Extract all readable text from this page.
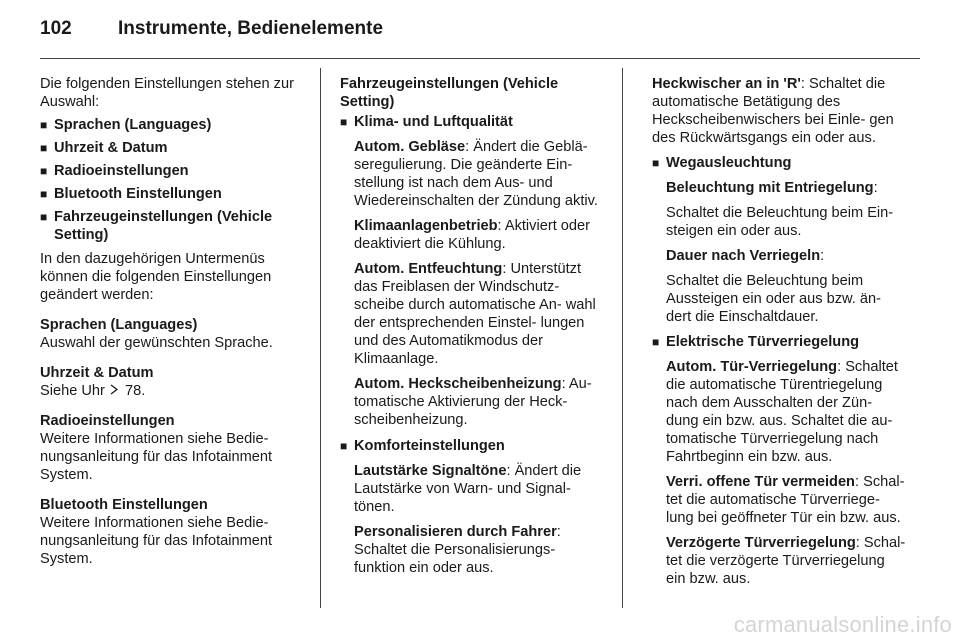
102	Instrumente, Bedienelemente

Die folgenden Einstellungen stehen zur Auswahl:

■ Sprachen (Languages)
■ Uhrzeit & Datum
■ Radioeinstellungen
■ Bluetooth Einstellungen
■ Fahrzeugeinstellungen (Vehicle Setting)

In den dazugehörigen Untermenüs können die folgenden Einstellungen geändert werden:

Sprachen (Languages)

Auswahl der gewünschten Sprache.

Uhrzeit & Datum

Siehe Uhr 78.

Radioeinstellungen

Weitere Informationen siehe Bedie- nungsanleitung für das Infotainment System.

Bluetooth Einstellungen

Weitere Informationen siehe Bedie- nungsanleitung für das Infotainment System.

Fahrzeugeinstellungen (Vehicle Setting)

■ Klima- und Luftqualität

Autom. Gebläse: Ändert die Geblä- seregulierung. Die geänderte Ein- stellung ist nach dem Aus- und Wiedereinschalten der Zündung aktiv.

Klimaanlagenbetrieb: Aktiviert oder deaktiviert die Kühlung.

Autom. Entfeuchtung: Unterstützt das Freiblasen der Windschutz- scheibe durch automatische An- wahl der entsprechenden Einstel- lungen und des Automatikmodus der Klimaanlage.

Autom. Heckscheibenheizung: Au- tomatische Aktivierung der Heck- scheibenheizung.

■ Komforteinstellungen

Lautstärke Signaltöne: Ändert die Lautstärke von Warn- und Signal- tönen.

Personalisieren durch Fahrer: Schaltet die Personalisierungs- funktion ein oder aus.

Heckwischer an in 'R': Schaltet die automatische Betätigung des Heckscheibenwischers bei Einle- gen des Rückwärtsgangs ein oder aus.

■ Wegausleuchtung

Beleuchtung mit Entriegelung:

Schaltet die Beleuchtung beim Ein- steigen ein oder aus.

Dauer nach Verriegeln:

Schaltet die Beleuchtung beim Aussteigen ein oder aus bzw. än- dert die Einschaltdauer.

■ Elektrische Türverriegelung

Autom. Tür-Verriegelung: Schaltet die automatische Türentriegelung nach dem Ausschalten der Zün- dung ein bzw. aus. Schaltet die au- tomatische Türverriegelung nach Fahrtbeginn ein bzw. aus.

Verri. offene Tür vermeiden: Schal- tet die automatische Türverriege- lung bei geöffneter Tür ein bzw. aus.

Verzögerte Türverriegelung: Schal- tet die verzögerte Türverriegelung ein bzw. aus.

carmanualsonline.info
